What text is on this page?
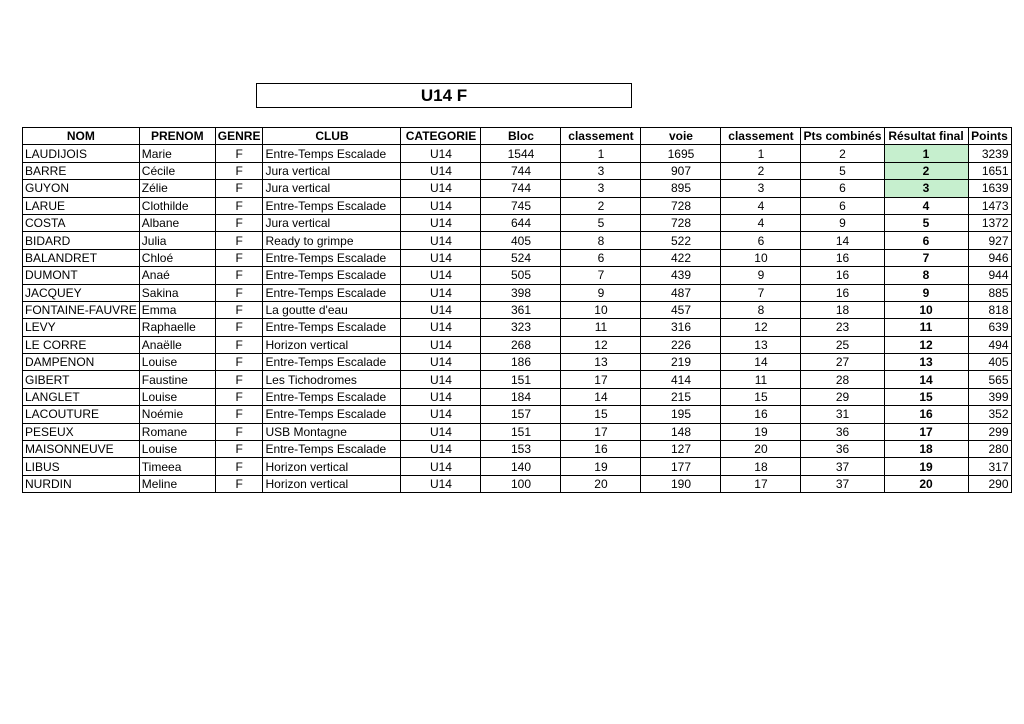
U14 F
NOM	PRENOM	GENRE	CLUB	CATEGORIE	Bloc	classement	voie	classement	Pts combinés	Résultat final	Points
LAUDIJOIS	Marie	F	Entre-Temps Escalade	U14	1544	1	1695	1	2	1	3239
BARRE	Cécile	F	Jura vertical	U14	744	3	907	2	5	2	1651
GUYON	Zélie	F	Jura vertical	U14	744	3	895	3	6	3	1639
LARUE	Clothilde	F	Entre-Temps Escalade	U14	745	2	728	4	6	4	1473
COSTA	Albane	F	Jura vertical	U14	644	5	728	4	9	5	1372
BIDARD	Julia	F	Ready to grimpe	U14	405	8	522	6	14	6	927
BALANDRET	Chloé	F	Entre-Temps Escalade	U14	524	6	422	10	16	7	946
DUMONT	Anaé	F	Entre-Temps Escalade	U14	505	7	439	9	16	8	944
JACQUEY	Sakina	F	Entre-Temps Escalade	U14	398	9	487	7	16	9	885
FONTAINE-FAUVRE	Emma	F	La goutte d'eau	U14	361	10	457	8	18	10	818
LEVY	Raphaelle	F	Entre-Temps Escalade	U14	323	11	316	12	23	11	639
LE CORRE	Anaëlle	F	Horizon vertical	U14	268	12	226	13	25	12	494
DAMPENON	Louise	F	Entre-Temps Escalade	U14	186	13	219	14	27	13	405
GIBERT	Faustine	F	Les Tichodromes	U14	151	17	414	11	28	14	565
LANGLET	Louise	F	Entre-Temps Escalade	U14	184	14	215	15	29	15	399
LACOUTURE	Noémie	F	Entre-Temps Escalade	U14	157	15	195	16	31	16	352
PESEUX	Romane	F	USB Montagne	U14	151	17	148	19	36	17	299
MAISONNEUVE	Louise	F	Entre-Temps Escalade	U14	153	16	127	20	36	18	280
LIBUS	Timeea	F	Horizon vertical	U14	140	19	177	18	37	19	317
NURDIN	Meline	F	Horizon vertical	U14	100	20	190	17	37	20	290
